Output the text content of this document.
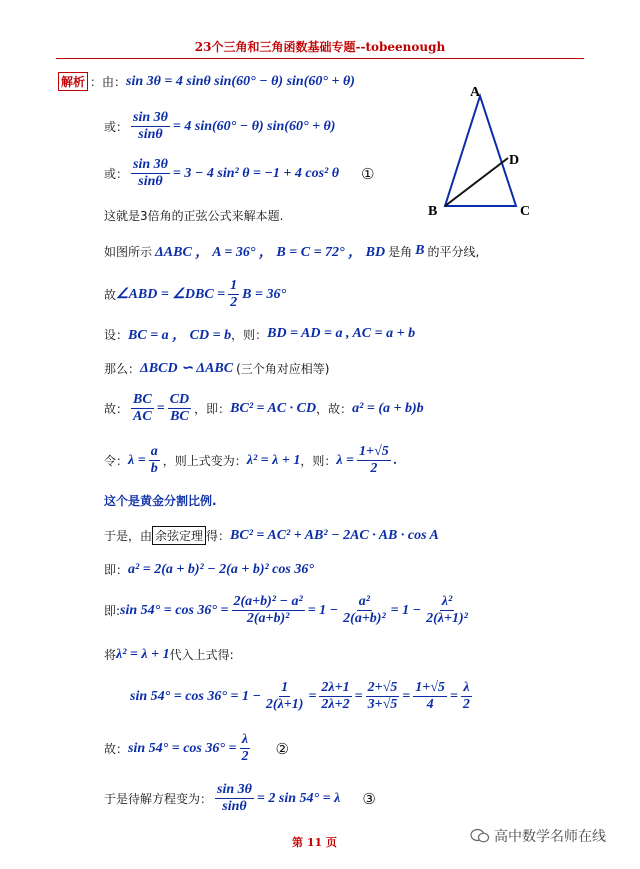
23个三角和三角函数基础专题--tobeenough
解析 ：由： sin 3θ = 4 sinθ sin(60° − θ) sin(60° + θ)
或： $\frac{\sin 3\theta}{\sin\theta} = 4$ sin(60° − θ) sin(60° + θ)
或： $\frac{\sin 3\theta}{\sin\theta} = 3 - 4$ sin² θ = −1 + 4 cos² θ ①
这就是3倍角的正弦公式来解本题.
如图所示 ΔABC ， A = 36° ， B = C = 72° ， BD 是角 B 的平分线,
故 ∠ABD = ∠DBC = $\frac{1}{2}$ B = 36°
设： BC = a ， CD = b ，则： BD = AD = a , AC = a + b
那么： ΔBCD ∽ ΔABC (三个角对应相等)
故： $\frac{BC}{AC} = \frac{CD}{BC}$ ，即： BC² = AC · CD ，故： a² = (a + b)b
令： $\lambda = \frac{a}{b}$ ，则上式变为： λ² = λ + 1 ，则： $\lambda = \frac{1+√5}{2}$ .
这个是黄金分割比例.
于是，由 余弦定理 得： BC² = AC² + AB² − 2AC · AB · cos A
即： a² = 2(a + b)² − 2(a + b)² cos 36°
即: $\sin 54^\circ = \cos 36^\circ = \frac{\text{2(a+b)² − a²}}{\text{2(a+b)²}} = 1 - \frac{\text{a²}}{\text{2(a+b)²}} = 1 - \frac{\text{λ²}}{\text{2(λ+1)²}}$
将 λ² = λ + 1 代入上式得:
$\sin 54^\circ = \cos 36^\circ = 1 - \frac{1}{2(\lambda+1)} = \frac{2\lambda+1}{2\lambda+2} = \frac{2+√5}{3+√5} = \frac{1+√5}{4} = \frac{\lambda}{2}$
故： $\sin 54^\circ = \cos 36^\circ = \frac{\lambda}{2}$ ②
于是待解方程变为： $\frac{\sin 3\theta}{\sin\theta} = 2$ sin 54° = λ ③
A
B	C
D
第 11 页	高中数学名师在线
